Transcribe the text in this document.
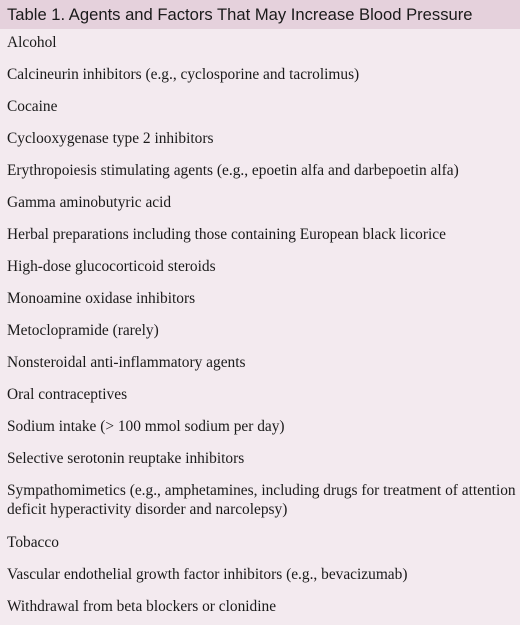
Table 1. Agents and Factors That May Increase Blood Pressure
Alcohol
Calcineurin inhibitors (e.g., cyclosporine and tacrolimus)
Cocaine
Cyclooxygenase type 2 inhibitors
Erythropoiesis stimulating agents (e.g., epoetin alfa and darbepoetin alfa)
Gamma aminobutyric acid
Herbal preparations including those containing European black licorice
High-dose glucocorticoid steroids
Monoamine oxidase inhibitors
Metoclopramide (rarely)
Nonsteroidal anti-inflammatory agents
Oral contraceptives
Sodium intake (> 100 mmol sodium per day)
Selective serotonin reuptake inhibitors
Sympathomimetics (e.g., amphetamines, including drugs for treatment of attention deficit hyperactivity disorder and narcolepsy)
Tobacco
Vascular endothelial growth factor inhibitors (e.g., bevacizumab)
Withdrawal from beta blockers or clonidine
